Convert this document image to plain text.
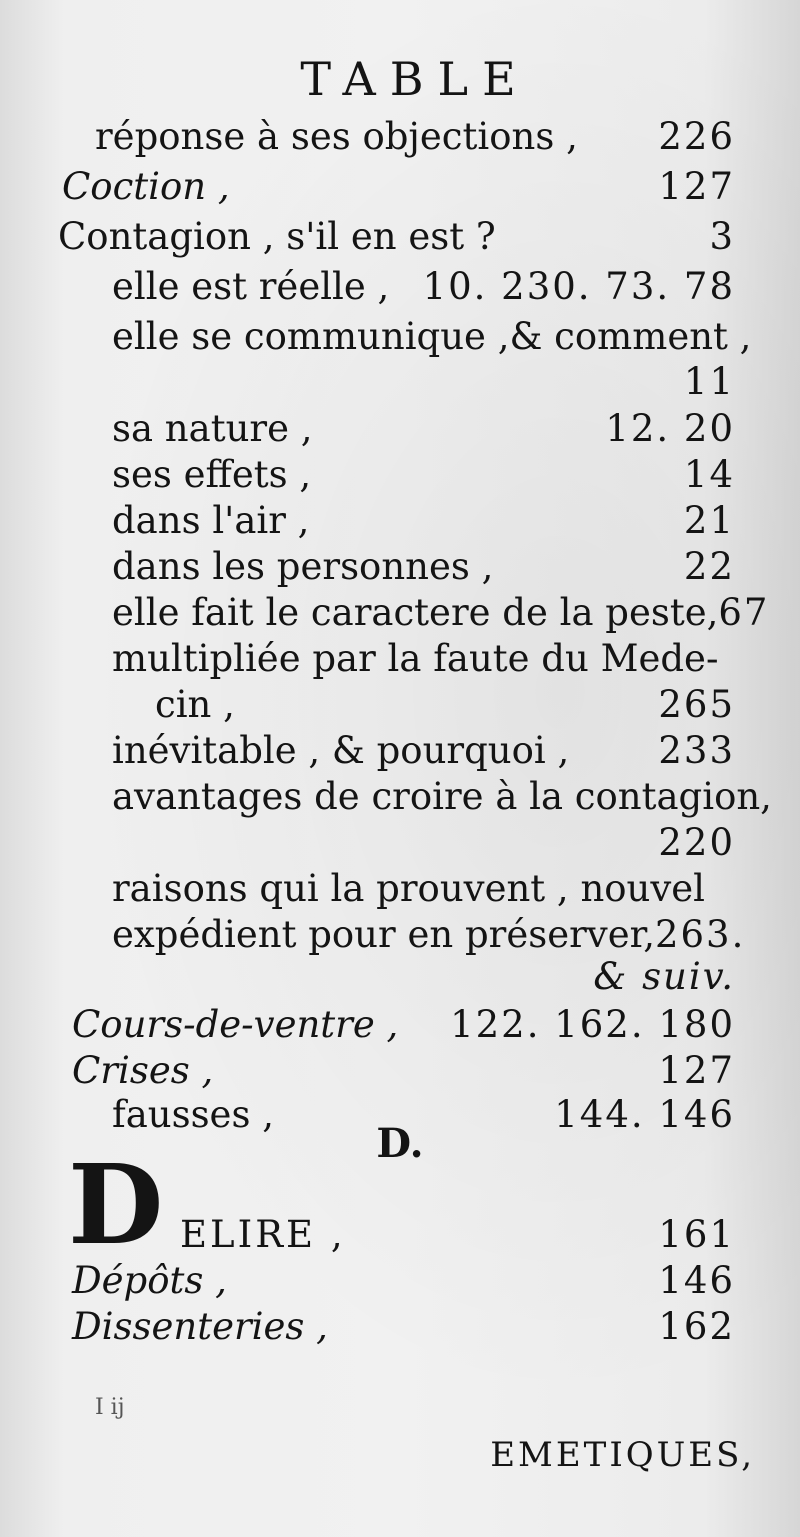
TABLE
réponse à ses objections , 226
Coction ,	127
Contagion , s'il en est ?	3
elle est réelle , 10. 230. 73. 78
elle se communique ,& comment ,
11
sa nature ,	12. 20
ses effets ,	14
dans l'air ,	21
dans les personnes ,	22
elle fait le caractere de la peste, 67
multipliée par la faute du Mede-
cin ,	265
inévitable , & pourquoi , 233
avantages de croire à la contagion,
220
raisons qui la prouvent , nouvel
expédient pour en préserver, 263.
& suiv.
Cours-de-ventre , 122. 162. 180
Crises ,	127
fausses ,	144. 146
D.
D ELIRE ,	161
Dépôts ,	146
Dissenteries ,	162
I ij
EMETIQUES,
